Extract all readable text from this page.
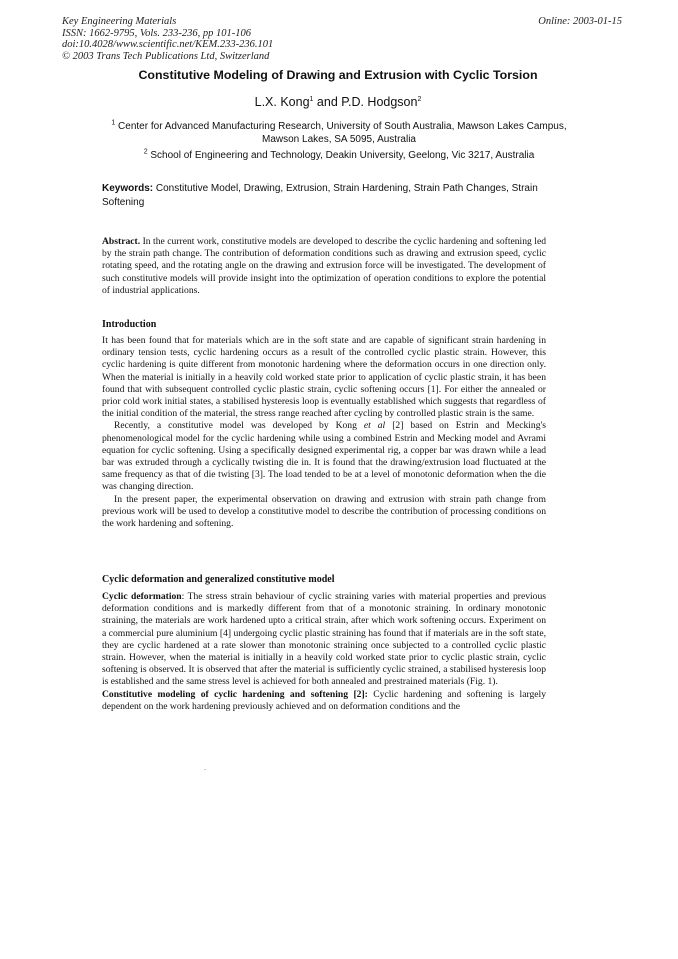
Key Engineering Materials
ISSN: 1662-9795, Vols. 233-236, pp 101-106
doi:10.4028/www.scientific.net/KEM.233-236.101
© 2003 Trans Tech Publications Ltd, Switzerland
Online: 2003-01-15
Constitutive Modeling of Drawing and Extrusion with Cyclic Torsion
L.X. Kong$^1$ and P.D. Hodgson$^2$
$^1$ Center for Advanced Manufacturing Research, University of South Australia, Mawson Lakes Campus, Mawson Lakes, SA 5095, Australia
$^2$ School of Engineering and Technology, Deakin University, Geelong, Vic 3217, Australia
Keywords: Constitutive Model, Drawing, Extrusion, Strain Hardening, Strain Path Changes, Strain Softening
Abstract. In the current work, constitutive models are developed to describe the cyclic hardening and softening led by the strain path change. The contribution of deformation conditions such as drawing and extrusion speed, cyclic rotating speed, and the rotating angle on the drawing and extrusion force will be investigated. The development of such constitutive models will provide insight into the optimization of operation conditions to explore the potential of industrial applications.
Introduction

It has been found that for materials which are in the soft state and are capable of significant strain hardening in ordinary tension tests, cyclic hardening occurs as a result of the controlled cyclic plastic strain. However, this cyclic hardening is quite different from monotonic hardening where the deformation occurs in one direction only. When the material is initially in a heavily cold worked state prior to application of cyclic plastic strain, it has been found that with subsequent controlled cyclic plastic strain, cyclic softening occurs [1]. For either the annealed or prior cold work initial states, a stabilised hysteresis loop is eventually established which suggests that regardless of the initial condition of the material, the stress range reached after cycling by controlled plastic strain is the same.

Recently, a constitutive model was developed by Kong et al [2] based on Estrin and Mecking's phenomenological model for the cyclic hardening while using a combined Estrin and Mecking model and Avrami equation for cyclic softening. Using a specifically designed experimental rig, a copper bar was drawn while a lead bar was extruded through a cyclically twisting die in. It is found that the drawing/extrusion load fluctuated at the same frequency as that of die twisting [3]. The load tended to be at a level of monotonic deformation when the die was changing direction.

In the present paper, the experimental observation on drawing and extrusion with strain path change from previous work will be used to develop a constitutive model to describe the contribution of processing conditions on the work hardening and softening.

Cyclic deformation and generalized constitutive model

Cyclic deformation: The stress strain behaviour of cyclic straining varies with material properties and previous deformation conditions and is markedly different from that of a monotonic straining. In ordinary monotonic straining, the materials are work hardened upto a critical strain, after which work softening occurs. Experiment on a commercial pure aluminium [4] undergoing cyclic plastic straining has found that if materials are in the soft state, they are cyclic hardened at a rate slower than monotonic straining once subjected to a controlled cyclic plastic strain. However, when the material is initially in a heavily cold worked state prior to cyclic plastic strain, cyclic softening is observed. It is observed that after the material is sufficiently cyclic strained, a stabilised hysteresis loop is established and the same stress level is achieved for both annealed and prestrained materials (Fig. 1).

Constitutive modeling of cyclic hardening and softening [2]: Cyclic hardening and softening is largely dependent on the work hardening previously achieved and on deformation conditions and the
